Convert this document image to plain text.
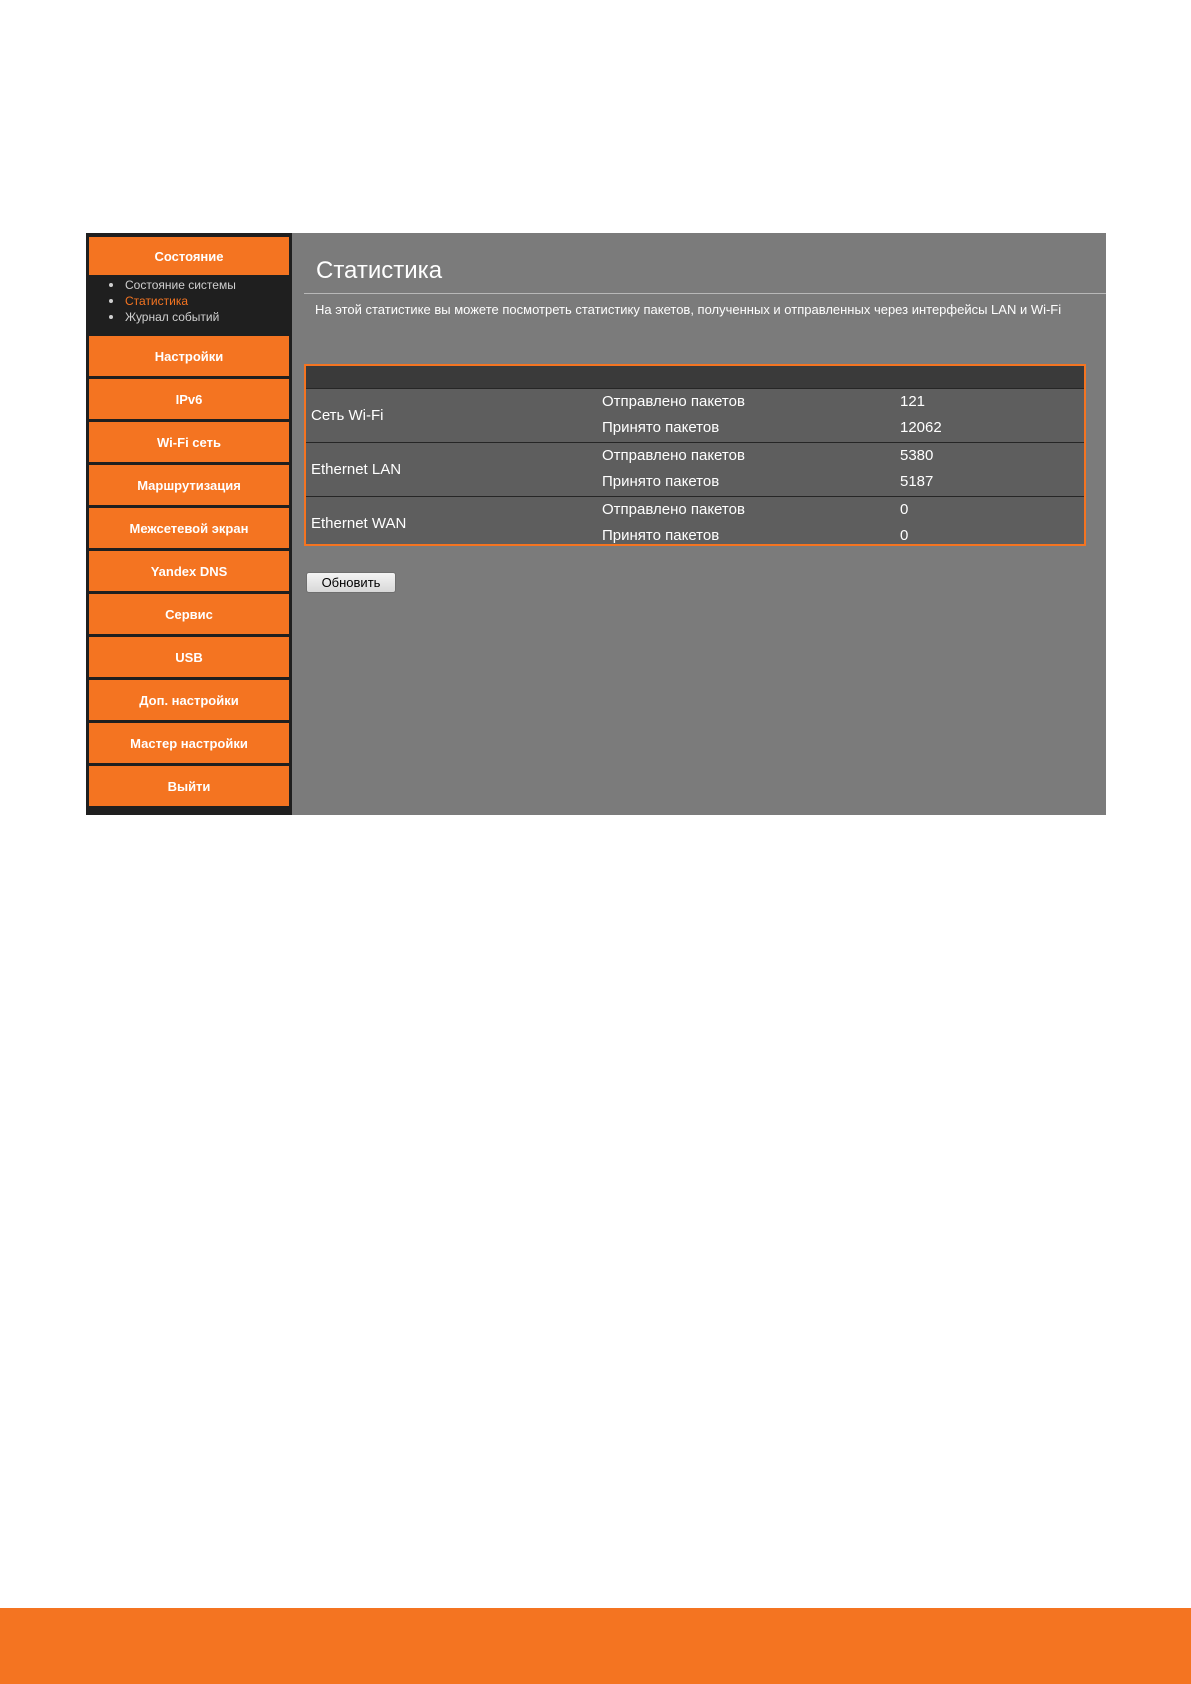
Состояние
Состояние системы
Статистика
Журнал событий
Настройки
IPv6
Wi-Fi сеть
Маршрутизация
Межсетевой экран
Yandex DNS
Сервис
USB
Доп. настройки
Мастер настройки
Выйти
Статистика
На этой статистике вы можете посмотреть статистику пакетов, полученных и отправленных через интерфейсы LAN и Wi-Fi
Сеть Wi-Fi
Отправлено пакетов	121
Принято пакетов	12062
Ethernet LAN
Отправлено пакетов	5380
Принято пакетов	5187
Ethernet WAN
Отправлено пакетов	0
Принято пакетов	0
Обновить
